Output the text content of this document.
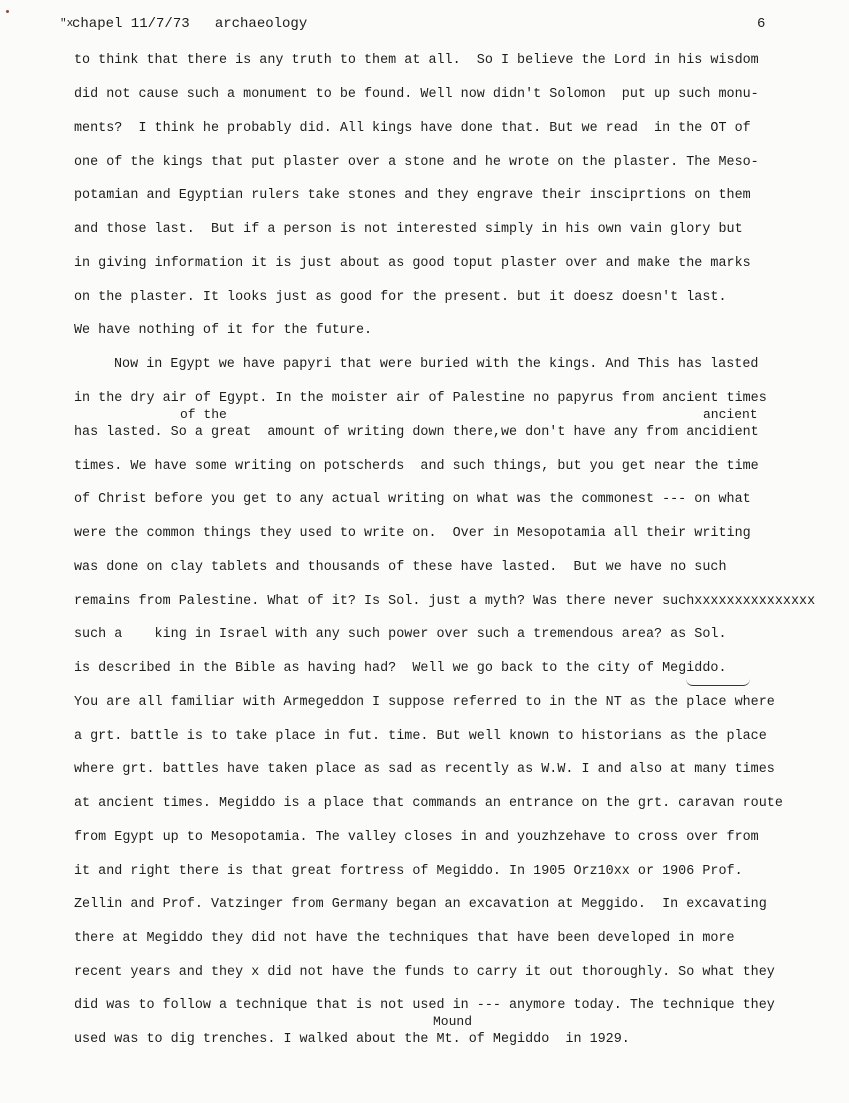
"x
chapel 11/7/73   archaeology	6
to think that there is any truth to them at all.  So I believe the Lord in his wisdom
did not cause such a monument to be found. Well now didn't Solomon  put up such monu-
ments?  I think he probably did. All kings have done that. But we read  in the OT of
one of the kings that put plaster over a stone and he wrote on the plaster. The Meso-
potamian and Egyptian rulers take stones and they engrave their insciprtions on them
and those last.  But if a person is not interested simply in his own vain glory but
in giving information it is just about as good toput plaster over and make the marks
on the plaster. It looks just as good for the present. but it doesz doesn't last.
We have nothing of it for the future.
Now in Egypt we have papyri that were buried with the kings. And This has lasted
in the dry air of Egypt. In the moister air of Palestine no papyrus from ancient times
of the	ancient
has lasted. So a great  amount of writing down there,we don't have any from ancidient
times. We have some writing on potscherds  and such things, but you get near the time
of Christ before you get to any actual writing on what was the commonest --- on what
were the common things they used to write on.  Over in Mesopotamia all their writing
was done on clay tablets and thousands of these have lasted.  But we have no such
remains from Palestine. What of it? Is Sol. just a myth? Was there never suchxxxxxxxxxxxxxxx
such a    king in Israel with any such power over such a tremendous area? as Sol.
is described in the Bible as having had?  Well we go back to the city of Megiddo.
You are all familiar with Armegeddon I suppose referred to in the NT as the place where
a grt. battle is to take place in fut. time. But well known to historians as the place
where grt. battles have taken place as sad as recently as W.W. I and also at many times
at ancient times. Megiddo is a place that commands an entrance on the grt. caravan route
from Egypt up to Mesopotamia. The valley closes in and youzhzehave to cross over from
it and right there is that great fortress of Megiddo. In 1905 Orz10xx or 1906 Prof.
Zellin and Prof. Vatzinger from Germany began an excavation at Meggido.  In excavating
there at Megiddo they did not have the techniques that have been developed in more
recent years and they x did not have the funds to carry it out thoroughly. So what they
did was to follow a technique that is not used in --- anymore today. The technique they
Mound
used was to dig trenches. I walked about the Mt. of Megiddo  in 1929.
